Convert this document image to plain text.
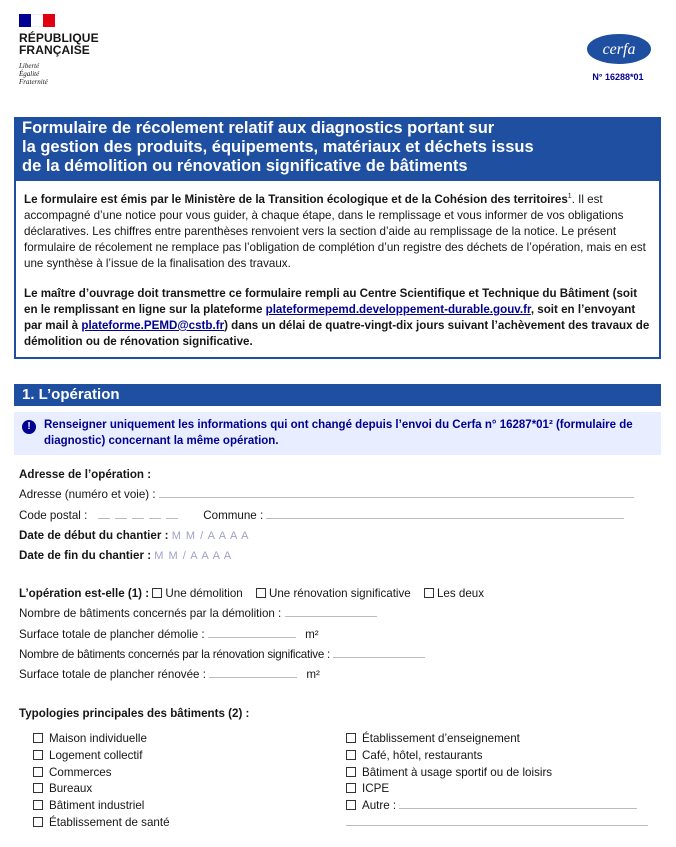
RÉPUBLIQUE
FRANÇAISE
Liberté
Égalité
Fraternité
cerfa
N° 16288*01
Formulaire de récolement relatif aux diagnostics portant sur
la gestion des produits, équipements, matériaux et déchets issus
de la démolition ou rénovation significative de bâtiments

Le formulaire est émis par le Ministère de la Transition écologique et de la Cohésion des territoires$^1$. Il est accompagné d’une notice pour vous guider, à chaque étape, dans le remplissage et vous informer de vos obligations déclaratives. Les chiffres entre parenthèses renvoient vers la section d’aide au remplissage de la notice. Le présent formulaire de récolement ne remplace pas l’obligation de complétion d’un registre des déchets de l’opération, mais en est une synthèse à l’issue de la finalisation des travaux.

Le maître d’ouvrage doit transmettre ce formulaire rempli au Centre Scientifique et Technique du Bâtiment (soit en le remplissant en ligne sur la plateforme plateformepemd.developpement-durable.gouv.fr, soit en l’envoyant par mail à plateforme.PEMD@cstb.fr) dans un délai de quatre-vingt-dix jours suivant l’achèvement des travaux de démolition ou de rénovation significative.

1. L’opération
!	Renseigner uniquement les informations qui ont changé depuis l’envoi du Cerfa n° 16287*01² (formulaire de diagnostic) concernant la même opération.
Adresse de l’opération :
Adresse (numéro et voie) :
Code postal :	Commune :
Date de début du chantier : M M / A A A A
Date de fin du chantier : M M / A A A A
L’opération est-elle (1) : Une démolition Une rénovation significative Les deux
Nombre de bâtiments concernés par la démolition :
Surface totale de plancher démolie :	m²
Nombre de bâtiments concernés par la rénovation significative :
Surface totale de plancher rénovée :	m²
Typologies principales des bâtiments (2) :
Maison individuelle
Logement collectif
Commerces
Bureaux
Bâtiment industriel
Établissement de santé
Établissement d’enseignement
Café, hôtel, restaurants
Bâtiment à usage sportif ou de loisirs
ICPE
Autre :
